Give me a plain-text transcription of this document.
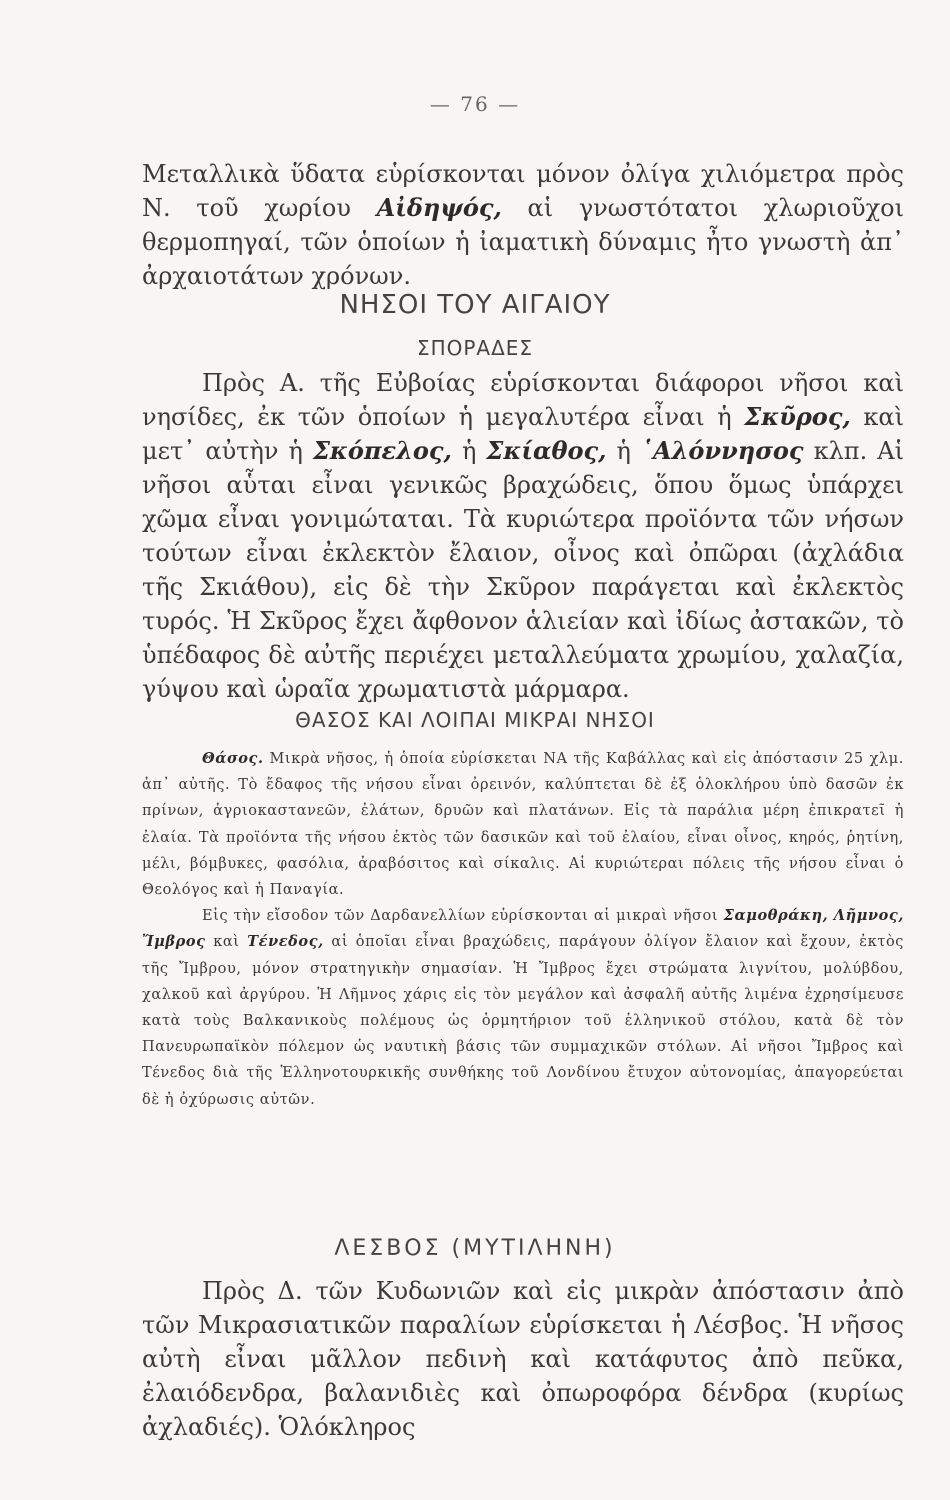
— 76 —

Μεταλλικὰ ὕδατα εὑρίσκονται μόνον ὀλίγα χιλιόμετρα πρὸς Ν. τοῦ χωρίου Αἰδηψός, αἱ γνωστότατοι χλωριοῦχοι θερμοπηγαί, τῶν ὁποίων ἡ ἰαματικὴ δύναμις ἦτο γνωστὴ ἀπ᾽ ἀρχαιοτάτων χρόνων.

ΝΗΣΟΙ ΤΟΥ ΑΙΓΑΙΟΥ
ΣΠΟΡΑΔΕΣ

Πρὸς Α. τῆς Εὐβοίας εὑρίσκονται διάφοροι νῆσοι καὶ νησίδες, ἐκ τῶν ὁποίων ἡ μεγαλυτέρα εἶναι ἡ Σκῦρος, καὶ μετ᾽ αὐτὴν ἡ Σκόπελος, ἡ Σκίαθος, ἡ ῾Αλόννησος κλπ. Αἱ νῆσοι αὗται εἶναι γενικῶς βραχώδεις, ὅπου ὅμως ὑπάρχει χῶμα εἶναι γονιμώταται. Τὰ κυριώτερα προϊόντα τῶν νήσων τούτων εἶναι ἐκλεκτὸν ἔλαιον, οἶνος καὶ ὀπῶραι (ἀχλάδια τῆς Σκιάθου), εἰς δὲ τὴν Σκῦρον παράγεται καὶ ἐκλεκτὸς τυρός. Ἡ Σκῦρος ἔχει ἄφθονον ἁλιείαν καὶ ἰδίως ἀστακῶν, τὸ ὑπέδαφος δὲ αὐτῆς περιέχει μεταλλεύματα χρωμίου, χαλαζία, γύψου καὶ ὡραῖα χρωματιστὰ μάρμαρα.

ΘΑΣΟΣ ΚΑΙ ΛΟΙΠΑΙ ΜΙΚΡΑΙ ΝΗΣΟΙ

Θάσος. Μικρὰ νῆσος, ἡ ὁποία εὑρίσκεται ΝΑ τῆς Καβάλλας καὶ εἰς ἀπόστασιν 25 χλμ. ἀπ᾽ αὐτῆς. Τὸ ἔδαφος τῆς νήσου εἶναι ὀρεινόν, καλύπτεται δὲ ἐξ ὁλοκλήρου ὑπὸ δασῶν ἐκ πρίνων, ἀγριοκαστανεῶν, ἐλάτων, δρυῶν καὶ πλατάνων. Εἰς τὰ παράλια μέρη ἐπικρατεῖ ἡ ἐλαία. Τὰ προϊόντα τῆς νήσου ἐκτὸς τῶν δασικῶν καὶ τοῦ ἐλαίου, εἶναι οἶνος, κηρός, ῥητίνη, μέλι, βόμβυκες, φασόλια, ἀραβόσιτος καὶ σίκαλις. Αἱ κυριώτεραι πόλεις τῆς νήσου εἶναι ὁ Θεολόγος καὶ ἡ Παναγία.

Εἰς τὴν εἴσοδον τῶν Δαρδανελλίων εὑρίσκονται αἱ μικραὶ νῆσοι Σαμοθράκη, Λῆμνος, Ἴμβρος καὶ Τένεδος, αἱ ὁποῖαι εἶναι βραχώδεις, παράγουν ὀλίγον ἔλαιον καὶ ἔχουν, ἐκτὸς τῆς Ἴμβρου, μόνον στρατηγικὴν σημασίαν. Ἡ Ἴμβρος ἔχει στρώματα λιγνίτου, μολύβδου, χαλκοῦ καὶ ἀργύρου. Ἡ Λῆμνος χάρις εἰς τὸν μεγάλον καὶ ἀσφαλῆ αὐτῆς λιμένα ἐχρησίμευσε κατὰ τοὺς Βαλκανικοὺς πολέμους ὡς ὁρμητήριον τοῦ ἑλληνικοῦ στόλου, κατὰ δὲ τὸν Πανευρωπαϊκὸν πόλεμον ὡς ναυτικὴ βάσις τῶν συμμαχικῶν στόλων. Αἱ νῆσοι Ἴμβρος καὶ Τένεδος διὰ τῆς Ἑλληνοτουρκικῆς συνθήκης τοῦ Λονδίνου ἔτυχον αὐτονομίας, ἀπαγορεύεται δὲ ἡ ὀχύρωσις αὐτῶν.

ΛΕΣΒΟΣ (ΜΥΤΙΛΗΝΗ)

Πρὸς Δ. τῶν Κυδωνιῶν καὶ εἰς μικρὰν ἀπόστασιν ἀπὸ τῶν Μικρασιατικῶν παραλίων εὑρίσκεται ἡ Λέσβος. Ἡ νῆσος αὐτὴ εἶναι μᾶλλον πεδινὴ καὶ κατάφυτος ἀπὸ πεῦκα, ἐλαιόδενδρα, βαλανιδιὲς καὶ ὀπωροφόρα δένδρα (κυρίως ἀχλαδιές). Ὁλόκληρος
